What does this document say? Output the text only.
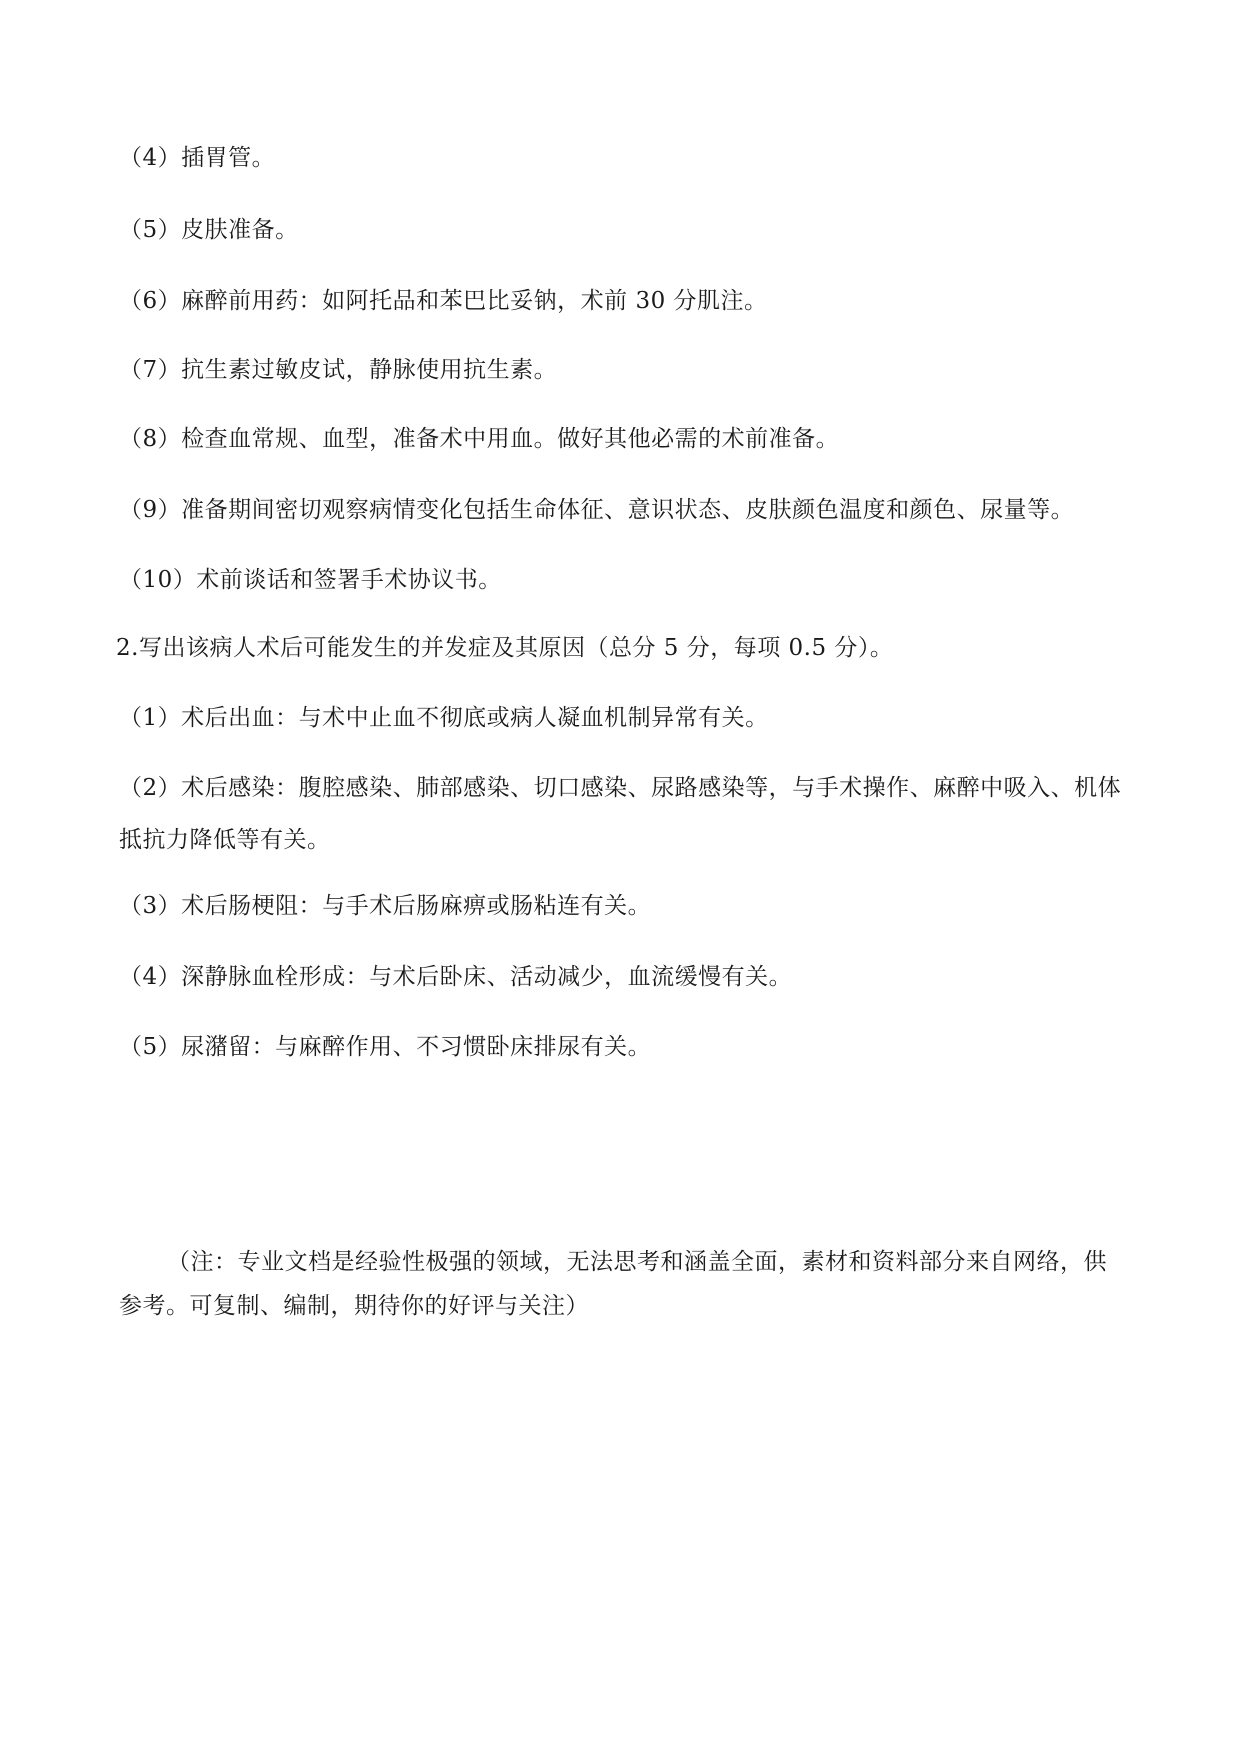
（4）插胃管。
（5）皮肤准备。
（6）麻醉前用药：如阿托品和苯巴比妥钠，术前 30 分肌注。
（7）抗生素过敏皮试，静脉使用抗生素。
（8）检查血常规、血型，准备术中用血。做好其他必需的术前准备。
（9）准备期间密切观察病情变化包括生命体征、意识状态、皮肤颜色温度和颜色、尿量等。
（10）术前谈话和签署手术协议书。
2.写出该病人术后可能发生的并发症及其原因（总分 5 分，每项 0.5 分）。
（1）术后出血：与术中止血不彻底或病人凝血机制异常有关。
（2）术后感染：腹腔感染、肺部感染、切口感染、尿路感染等，与手术操作、麻醉中吸入、机体抵抗力降低等有关。
（3）术后肠梗阻：与手术后肠麻痹或肠粘连有关。
（4）深静脉血栓形成：与术后卧床、活动减少，血流缓慢有关。
（5）尿潴留：与麻醉作用、不习惯卧床排尿有关。
（注：专业文档是经验性极强的领域，无法思考和涵盖全面，素材和资料部分来自网络，供参考。可复制、编制，期待你的好评与关注）
